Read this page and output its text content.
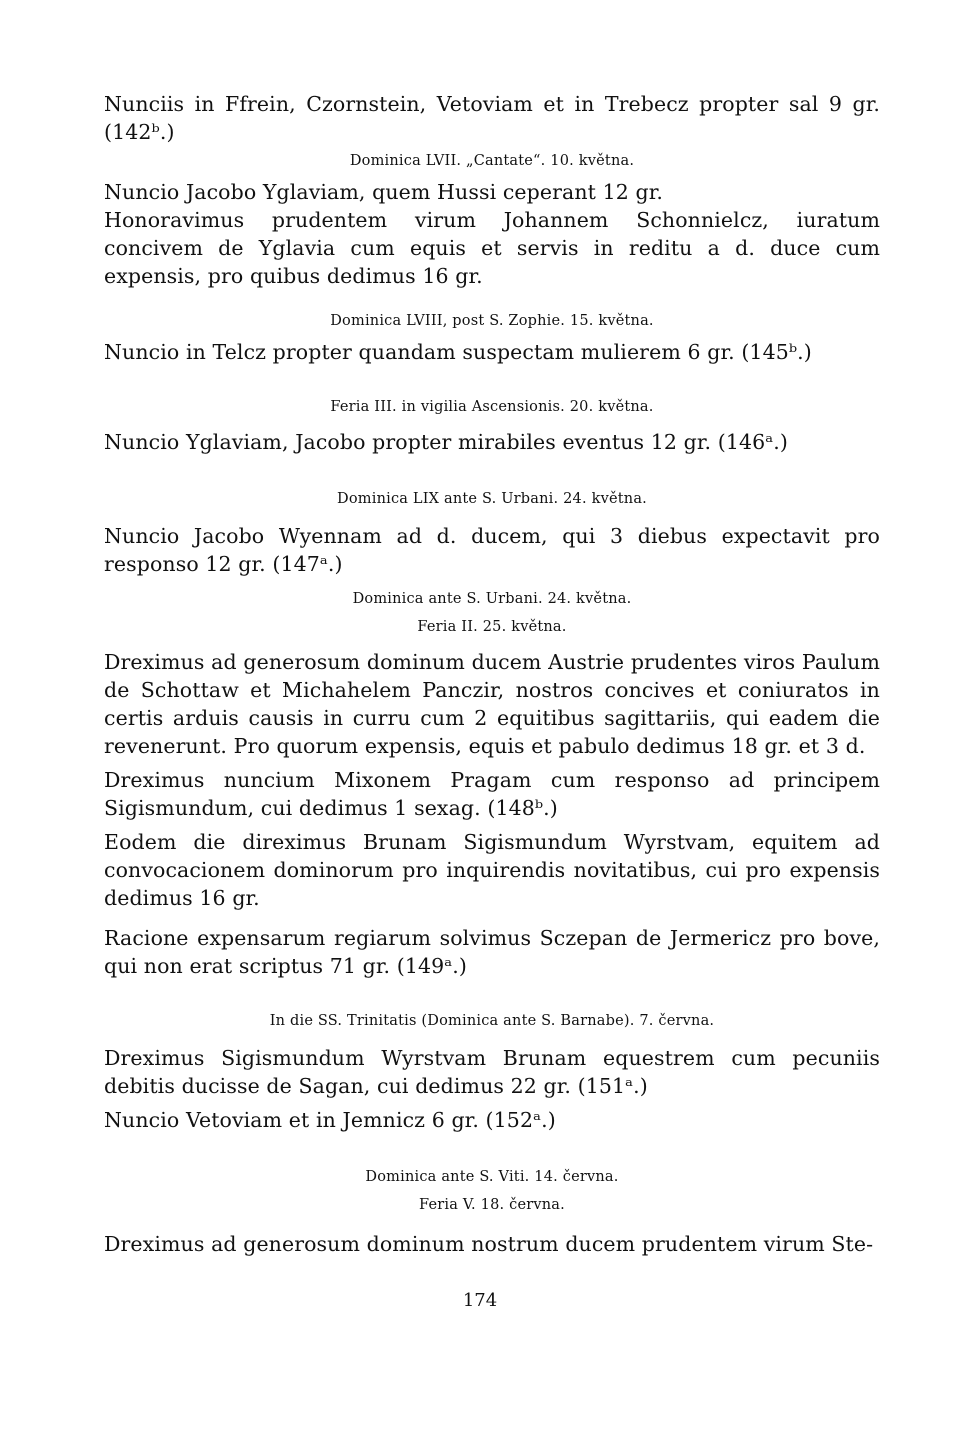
Nunciis in Ffrein, Czornstein, Vetoviam et in Trebecz propter sal 9 gr. (142ᵇ.)

Dominica LVII. „Cantate“. 10. května.

Nuncio Jacobo Yglaviam, quem Hussi ceperant 12 gr.

Honoravimus prudentem virum Johannem Schonnielcz, iuratum concivem de Yglavia cum equis et servis in reditu a d. duce cum expensis, pro quibus dedimus 16 gr.

Dominica LVIII, post S. Zophie. 15. května.

Nuncio in Telcz propter quandam suspectam mulierem 6 gr. (145ᵇ.)

Feria III. in vigilia Ascensionis. 20. května.

Nuncio Yglaviam, Jacobo propter mirabiles eventus 12 gr. (146ᵃ.)

Dominica LIX ante S. Urbani. 24. května.

Nuncio Jacobo Wyennam ad d. ducem, qui 3 diebus expectavit pro responso 12 gr. (147ᵃ.)

Dominica ante S. Urbani. 24. května.

Feria II. 25. května.

Dreximus ad generosum dominum ducem Austrie prudentes viros Paulum de Schottaw et Michahelem Panczir, nostros concives et coniuratos in certis arduis causis in curru cum 2 equitibus sagittariis, qui eadem die revenerunt. Pro quorum expensis, equis et pabulo dedimus 18 gr. et 3 d.

Dreximus nuncium Mixonem Pragam cum responso ad principem Sigismundum, cui dedimus 1 sexag. (148ᵇ.)

Eodem die direximus Brunam Sigismundum Wyrstvam, equitem ad convocacionem dominorum pro inquirendis novitatibus, cui pro expensis dedimus 16 gr.

Racione expensarum regiarum solvimus Sczepan de Jermericz pro bove, qui non erat scriptus 71 gr. (149ᵃ.)

In die SS. Trinitatis (Dominica ante S. Barnabe). 7. června.

Dreximus Sigismundum Wyrstvam Brunam equestrem cum pecuniis debitis ducisse de Sagan, cui dedimus 22 gr. (151ᵃ.)

Nuncio Vetoviam et in Jemnicz 6 gr. (152ᵃ.)

Dominica ante S. Viti. 14. června.

Feria V. 18. června.

Dreximus ad generosum dominum nostrum ducem prudentem virum Ste-

174
